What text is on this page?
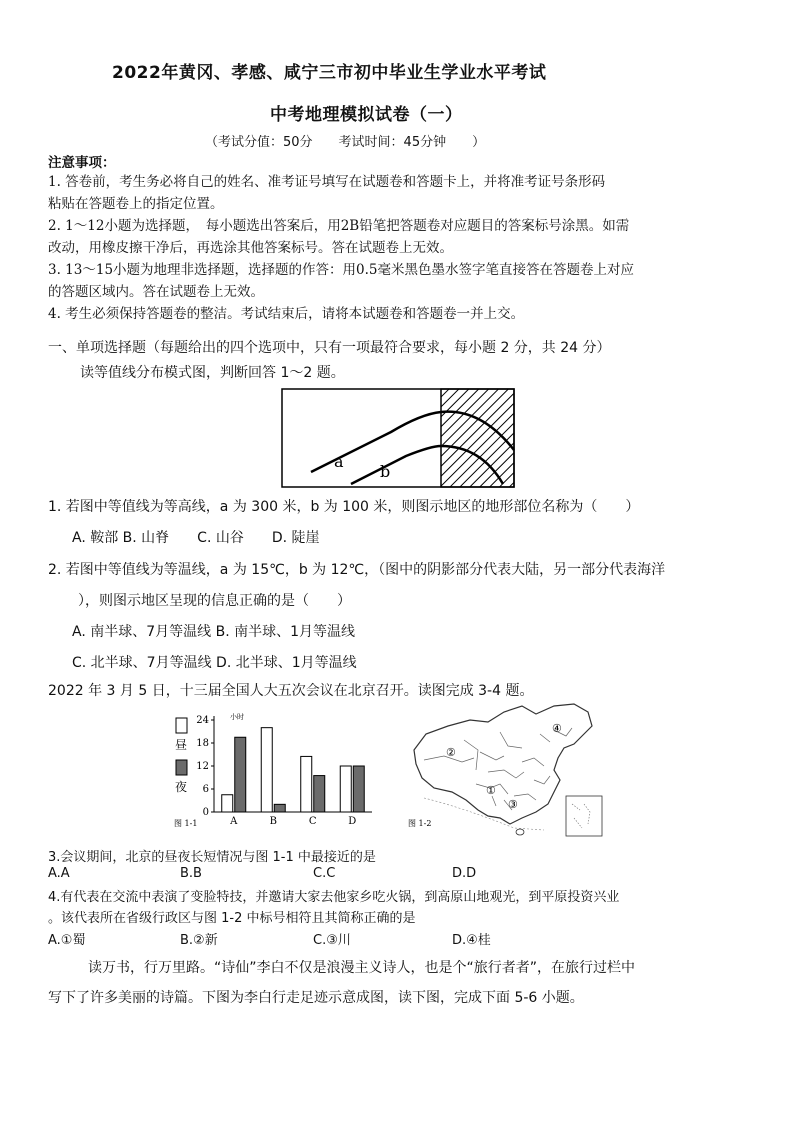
2022年黄冈、孝感、咸宁三市初中毕业生学业水平考试
中考地理模拟试卷（一）
（考试分值：50分　　考试时间：45分钟　　）
注意事项：
1. 答卷前，考生务必将自己的姓名、准考证号填写在试题卷和答题卡上，并将准考证号条形码
粘贴在答题卷上的指定位置。
2. 1～12小题为选择题，　每小题选出答案后，用2B铅笔把答题卷对应题目的答案标号涂黑。如需
改动，用橡皮擦干净后，再选涂其他答案标号。答在试题卷上无效。
3. 13～15小题为地理非选择题，选择题的作答：用0.5毫米黑色墨水签字笔直接答在答题卷上对应
的答题区域内。答在试题卷上无效。
4. 考生必须保持答题卷的整洁。考试结束后，请将本试题卷和答题卷一并上交。
一、单项选择题（每题给出的四个选项中，只有一项最符合要求，每小题 2 分，共 24 分）
读等值线分布模式图，判断回答 1～2 题。
a
b
1. 若图中等值线为等高线，a 为 300 米，b 为 100 米，则图示地区的地形部位名称为（　　）
A. 鞍部 B. 山脊　　C. 山谷　　D. 陡崖
2. 若图中等值线为等温线，a 为 15℃，b 为 12℃，（图中的阴影部分代表大陆，另一部分代表海洋
），则图示地区呈现的信息正确的是（　　）
A. 南半球、7月等温线 B. 南半球、1月等温线
C. 北半球、7月等温线 D. 北半球、1月等温线
2022 年 3 月 5 日，十三届全国人大五次会议在北京召开。读图完成 3-4 题。
昼
夜
小时
0
6
12
18
24
A	B	C	D
图 1-1
②
①
③
④
图 1-2
3.会议期间，北京的昼夜长短情况与图 1-1 中最接近的是
A.A	B.B	C.C	D.D
4.有代表在交流中表演了变脸特技，并邀请大家去他家乡吃火锅，到高原山地观光，到平原投资兴业
。该代表所在省级行政区与图 1-2 中标号相符且其简称正确的是
A.①蜀	B.②新	C.③川	D.④桂
读万书，行万里路。“诗仙”李白不仅是浪漫主义诗人，也是个“旅行者者”，在旅行过栏中
写下了许多美丽的诗篇。下图为李白行走足迹示意成图，读下图，完成下面 5-6 小题。
